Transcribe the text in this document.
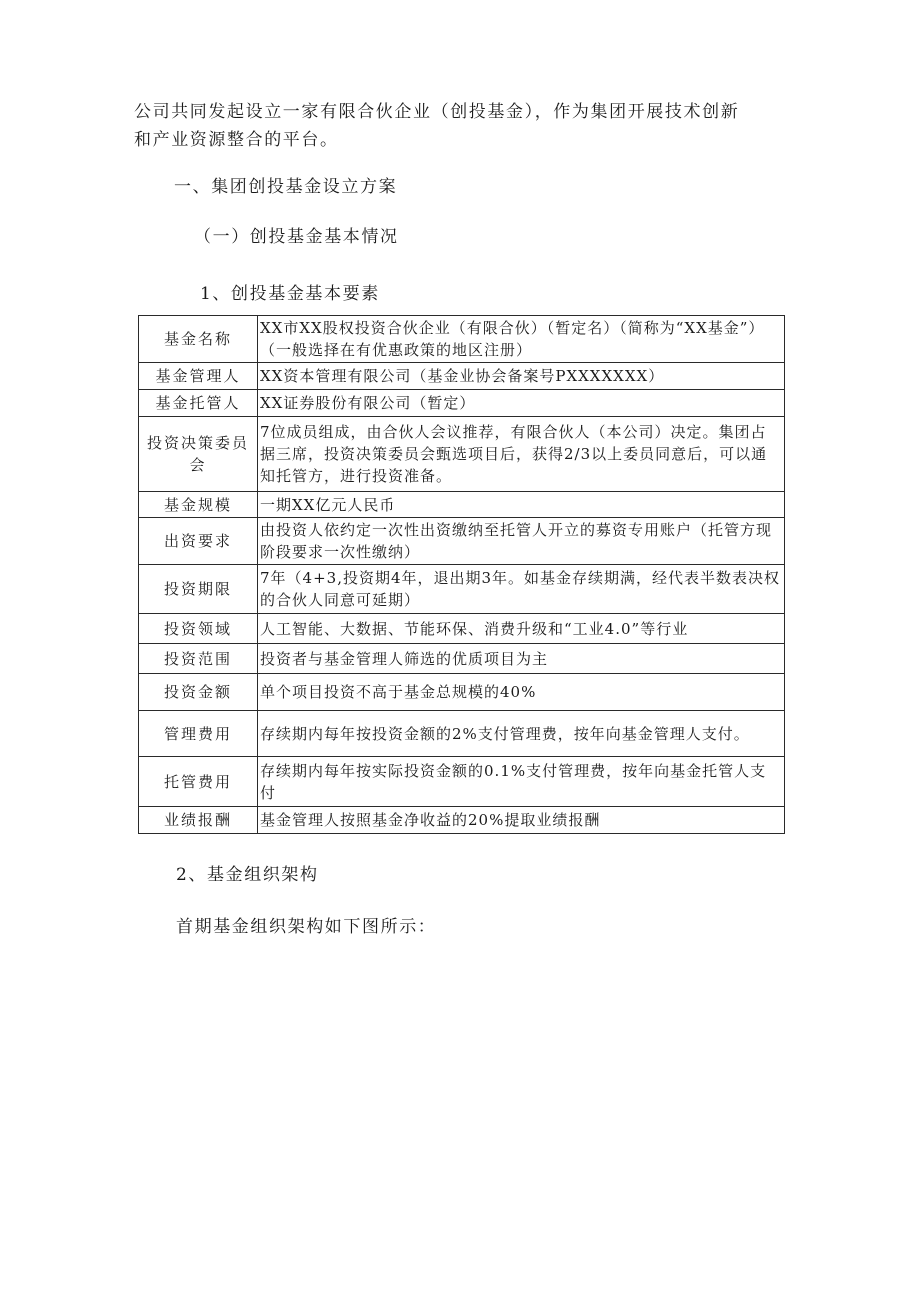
公司共同发起设立一家有限合伙企业（创投基金），作为集团开展技术创新

和产业资源整合的平台。

一、集团创投基金设立方案

（一）创投基金基本情况

1、创投基金基本要素

基金名称	XX市XX股权投资合伙企业（有限合伙）（暂定名）（简称为“XX基金”）（一般选择在有优惠政策的地区注册）
基金管理人	XX资本管理有限公司（基金业协会备案号PXXXXXXX）
基金托管人	XX证券股份有限公司（暂定）
投资决策委员会	7位成员组成，由合伙人会议推荐，有限合伙人（本公司）决定。集团占据三席，投资决策委员会甄选项目后，获得2/3以上委员同意后，可以通知托管方，进行投资准备。
基金规模	一期XX亿元人民币
出资要求	由投资人依约定一次性出资缴纳至托管人开立的募资专用账户（托管方现阶段要求一次性缴纳）
投资期限	7年（4+3,投资期4年，退出期3年。如基金存续期满，经代表半数表决权的合伙人同意可延期）
投资领域	人工智能、大数据、节能环保、消费升级和“工业4.0”等行业
投资范围	投资者与基金管理人筛选的优质项目为主
投资金额	单个项目投资不高于基金总规模的40%
管理费用	存续期内每年按投资金额的2%支付管理费，按年向基金管理人支付。
托管费用	存续期内每年按实际投资金额的0.1%支付管理费，按年向基金托管人支付
业绩报酬	基金管理人按照基金净收益的20%提取业绩报酬

2、基金组织架构

首期基金组织架构如下图所示：
